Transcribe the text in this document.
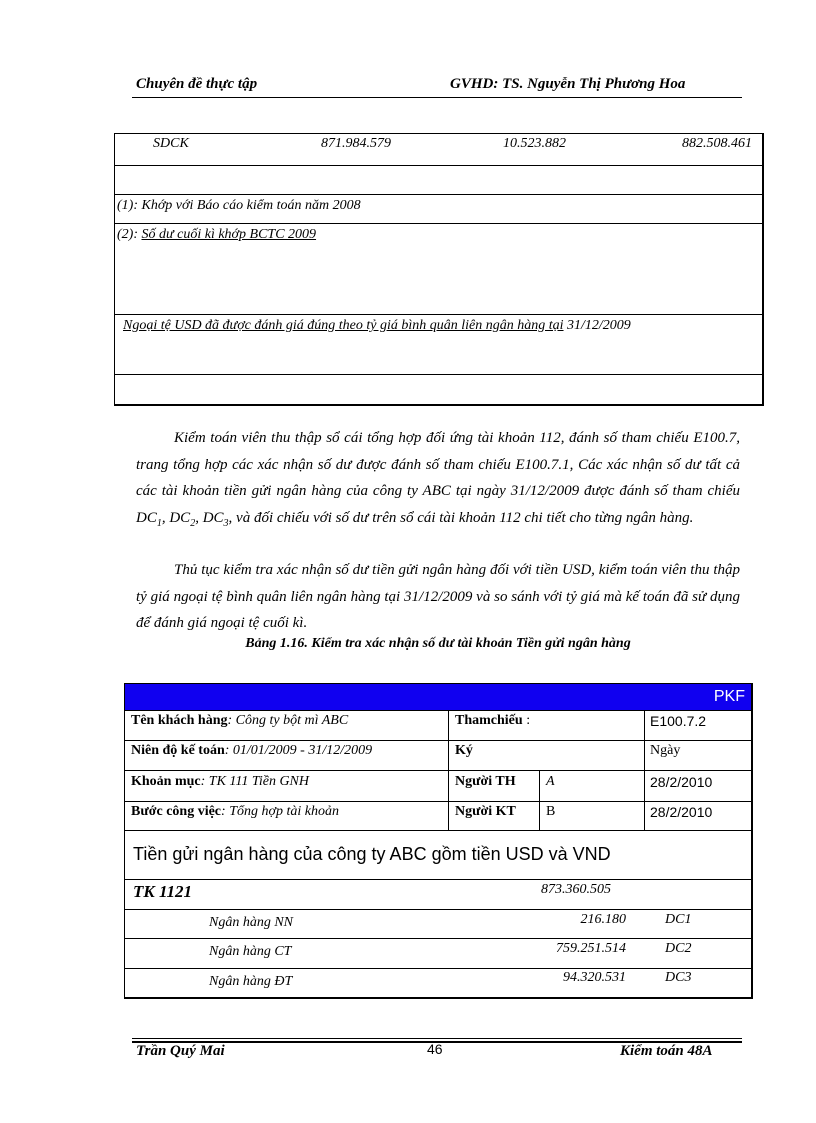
Chuyên đề thực tập	GVHD: TS. Nguyễn Thị Phương Hoa
SDCK	871.984.579	10.523.882	882.508.461
(1): Khớp với Báo cáo kiểm toán năm 2008
(2): Số dư cuối kì khớp BCTC 2009
Ngoại tệ USD đã được đánh giá đúng theo tỷ giá bình quân liên ngân hàng tại 31/12/2009
Kiểm toán viên thu thập sổ cái tổng hợp đối ứng tài khoản 112, đánh số tham chiếu E100.7, trang tổng hợp các xác nhận số dư được đánh số tham chiếu E100.7.1, Các xác nhận số dư tất cả các tài khoản tiền gửi ngân hàng của công ty ABC tại ngày 31/12/2009 được đánh số tham chiếu $DC_1$, $DC_2$, $DC_3$, và đối chiếu với số dư trên sổ cái tài khoản 112 chi tiết cho từng ngân hàng.
Thủ tục kiểm tra xác nhận số dư tiền gửi ngân hàng đối với tiền USD, kiểm toán viên thu thập tỷ giá ngoại tệ bình quân liên ngân hàng tại 31/12/2009 và so sánh với tỷ giá mà kế toán đã sử dụng để đánh giá ngoại tệ cuối kì.
Bảng 1.16. Kiểm tra xác nhận số dư tài khoản Tiền gửi ngân hàng
PKF
Tên khách hàng: Công ty bột mì ABC	Thamchiếu :	E100.7.2
Niên độ kế toán: 01/01/2009 - 31/12/2009	Ký	Ngày
Khoản mục: TK 111 Tiền GNH	Người TH A	28/2/2010
Bước công việc: Tổng hợp tài khoản	Người KT B	28/2/2010
Tiền gửi ngân hàng của công ty ABC gồm tiền USD và VND
TK 1121	873.360.505
Ngân hàng NN	216.180	DC1
Ngân hàng CT	759.251.514	DC2
Ngân hàng ĐT	94.320.531	DC3
Trần Quý Mai	46	Kiểm toán 48A
